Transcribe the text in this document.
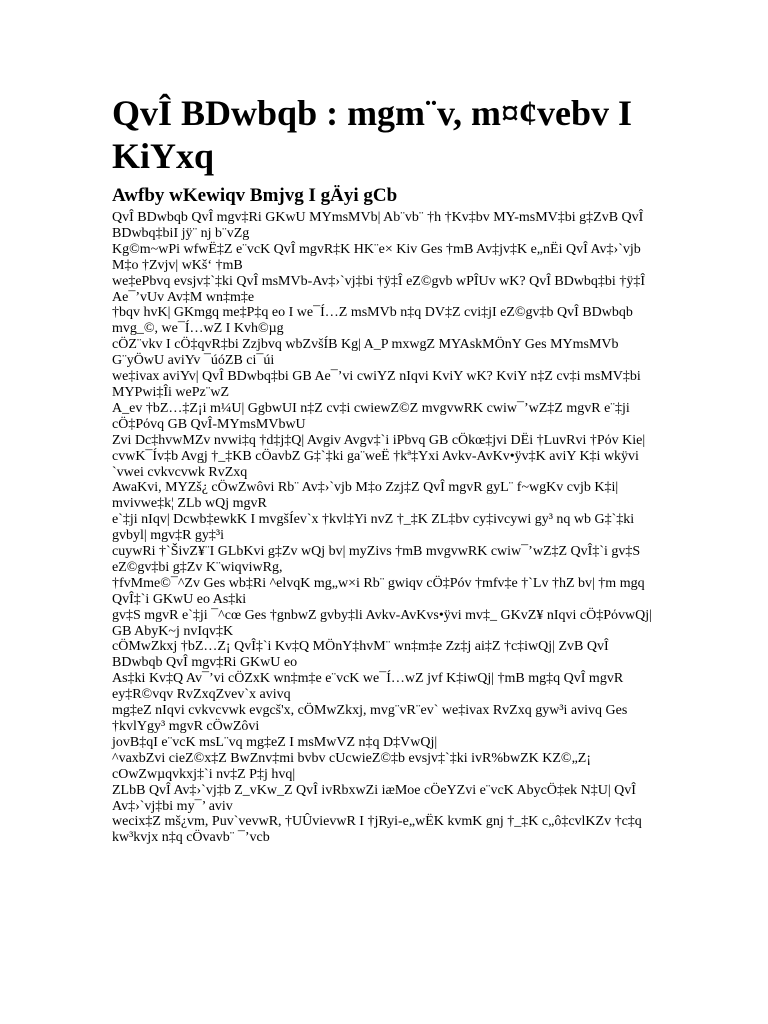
QvÎ BDwbqb : mgm¨v, m¤¢vebv I
KiYxq
Awfby wKewiqv Bmjvg I gÄyi gCb

QvÎ BDwbqb QvÎ mgv‡Ri GKwU MYmsMVb| Ab¨vb¨ †h †Kv‡bv MY-msMV‡bi g‡ZvB QvÎ BDwbq‡biI jÿ¨ nj b¨vZg

Kg©m~wPi wfwË‡Z e¨vcK QvÎ mgvR‡K HK¨e× Kiv Ges †mB Av‡jv‡K e„nËi QvÎ Av‡›`vjb M‡o †Zvjv| wKš‘ †mB

we‡ePbvq evsjv‡`‡ki QvÎ msMVb-Av‡›`vj‡bi †ÿ‡Î eZ©gvb wPÎUv wK? QvÎ BDwbq‡bi †ÿ‡Î Ae¯’vUv Av‡M wn‡m‡e

†bqv hvK| GKmgq me‡P‡q eo I we¯Í…Z msMVb n‡q DV‡Z cvi‡jI eZ©gv‡b QvÎ BDwbqb mvg_©, we¯Í…wZ I Kvh©µg

cÖZ¨vkv I cÖ‡qvR‡bi Zzjbvq wbZvšÍB Kg| A_P mxwgZ MYAskMÖnY Ges MYmsMVb G¨yÖwU aviYv ¯úóZB ci¯úi

we‡ivax aviYv| QvÎ BDwbq‡bi GB Ae¯’vi cwiYZ nIqvi KviY wK? KviY n‡Z cv‡i msMV‡bi MYPwi‡Îi wePz¨wZ

A_ev †bZ…‡Z¡i m¼U| GgbwUI n‡Z cv‡i cwiewZ©Z mvgvwRK cwiw¯’wZ‡Z mgvR e¨‡ji cÖ‡Pόvq GB QvÎ-MYmsMVbwU

Zvi Dc‡hvwMZv nvwi‡q †d‡j‡Q| Avgiv Avgv‡`i iPbvq GB cÖkœ‡jvi DËi †LuvRvi †Pόv Kie|

cvwK¯Ív‡b Avgj †_‡KB cÖavbZ G‡`‡ki ga¨weË †kª‡Yxi Avkv-AvKv•ÿv‡K aviY K‡i wkÿvi `vwei cvkvcvwk RvZxq

AwaKvi, MYZš¿ cÖwZwôvi Rb¨ Av‡›`vjb M‡o Zzj‡Z QvÎ mgvR gyL¨ f~wgKv cvjb K‡i| mvivwe‡k¦ ZLb wQj mgvR

e`‡ji nIqv| Dcwb‡ewkK I mvgšÍev`x †kvl‡Yi nvZ †_‡K ZL‡bv cy‡ivcywi gy³ nq wb G‡`‡ki gvbyl| mgv‡R gy‡³i

cuywRi †`ŠivZ¥¨I GLbKvi g‡Zv wQj bv| myZivs †mB mvgvwRK cwiw¯’wZ‡Z QvÎ‡`i gv‡S eZ©gv‡bi g‡Zv K¨wiqviwRg,

†fvMme©¯^Zv Ges wb‡Ri ^elvqK mg„w×i Rb¨ gwiqv cÖ‡Póv †mfv‡e †`Lv †hZ bv| †m mgq QvÎ‡`i GKwU eo As‡ki

gv‡S mgvR e`‡ji ¯^cœ Ges †gnbwZ gvby‡li Avkv-AvKvs•ÿvi mv‡_ GKvZ¥ nIqvi cÖ‡PόvwQj| GB AbyK~j nvIqv‡K

cÖMwZkxj †bZ…Z¡ QvÎ‡`i Kv‡Q MÖnY‡hvM¨ wn‡m‡e Zz‡j ai‡Z †c‡iwQj| ZvB QvÎ BDwbqb QvÎ mgv‡Ri GKwU eo

As‡ki Kv‡Q Av¯’vi cÖZxK wn‡m‡e e¨vcK we¯Í…wZ jvf K‡iwQj| †mB mg‡q QvÎ mgvR ey‡R©vqv RvZxqZvev`x avivq

mg‡eZ nIqvi cvkvcvwk evgcš'x, cÖMwZkxj, mvg¨vR¨ev` we‡ivax RvZxq gyw³i avivq Ges †kvlYgy³ mgvR cÖwZôvi

jovB‡qI e¨vcK msL¨vq mg‡eZ I msMwVZ n‡q D‡VwQj|

^vaxbZvi cieZ©x‡Z BwZnv‡mi bvbv cUcwieZ©‡b evsjv‡`‡ki ivR%bwZK KZ©„Z¡ cOwZwµqvkxj‡`i nv‡Z P‡j hvq|

ZLbB QvÎ Av‡›`vj‡b Z_vKw_Z QvÎ ivRbxwZi iæMoe cÖeYZvi e¨vcK AbycÖ‡ek N‡U| QvÎ Av‡›`vj‡bi my¯’ aviv

wecix‡Z mš¿vm, Puv`vevwR, †UÛvievwR I †jRyi-e„wËK kvmK gnj †_‡K c„ô‡cvlKZv †c‡q kw³kvjx n‡q cÖvavb¨ ¯’vcb
